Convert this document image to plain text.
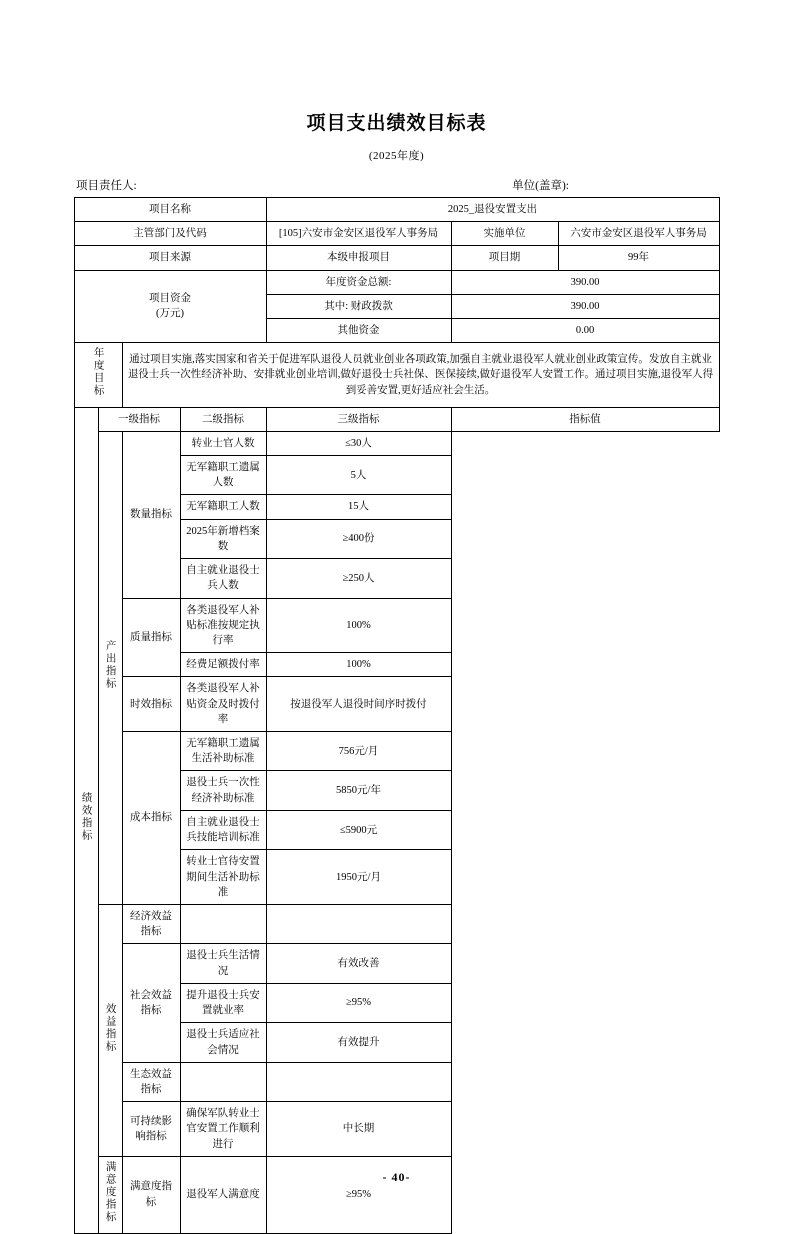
项目支出绩效目标表
(2025年度)
项目责任人:	单位(盖章):
项目名称	2025_退役安置支出
主管部门及代码	[105]六安市金安区退役军人事务局		实施单位	六安市金安区退役军人事务局

项目来源	本级申报项目		项目期	99年

项目资金
(万元)
	年度资金总额:	390.00
其中: 财政拨款	390.00
其他资金	0.00
年度目标	通过项目实施,落实国家和省关于促进军队退役人员就业创业各项政策,加强自主就业退役军人就业创业政策宣传。发放自主就业退役士兵一次性经济补助、安排就业创业培训,做好退役士兵社保、医保接续,做好退役军人安置工作。通过项目实施,退役军人得到妥善安置,更好适应社会生活。
绩效指标	一级指标	二级指标	三级指标	指标值
产出指标	数量指标	转业士官人数	≤30人
无军籍职工遗属人数	5人
无军籍职工人数	15人
2025年新增档案数	≥400份
自主就业退役士兵人数	≥250人
质量指标	各类退役军人补贴标准按规定执行率	100%
经费足额拨付率	100%
时效指标	各类退役军人补贴资金及时拨付率	按退役军人退役时间序时拨付
成本指标	无军籍职工遗属生活补助标准	756元/月
退役士兵一次性经济补助标准	5850元/年
自主就业退役士兵技能培训标准	≤5900元
转业士官待安置期间生活补助标准	1950元/月
效益指标	经济效益指标		
社会效益指标	退役士兵生活情况	有效改善
提升退役士兵安置就业率	≥95%
退役士兵适应社会情况	有效提升
生态效益指标		
可持续影响指标	确保军队转业士官安置工作顺利进行	中长期
满意度指标	满意度指标	退役军人满意度	≥95%
- 40-
